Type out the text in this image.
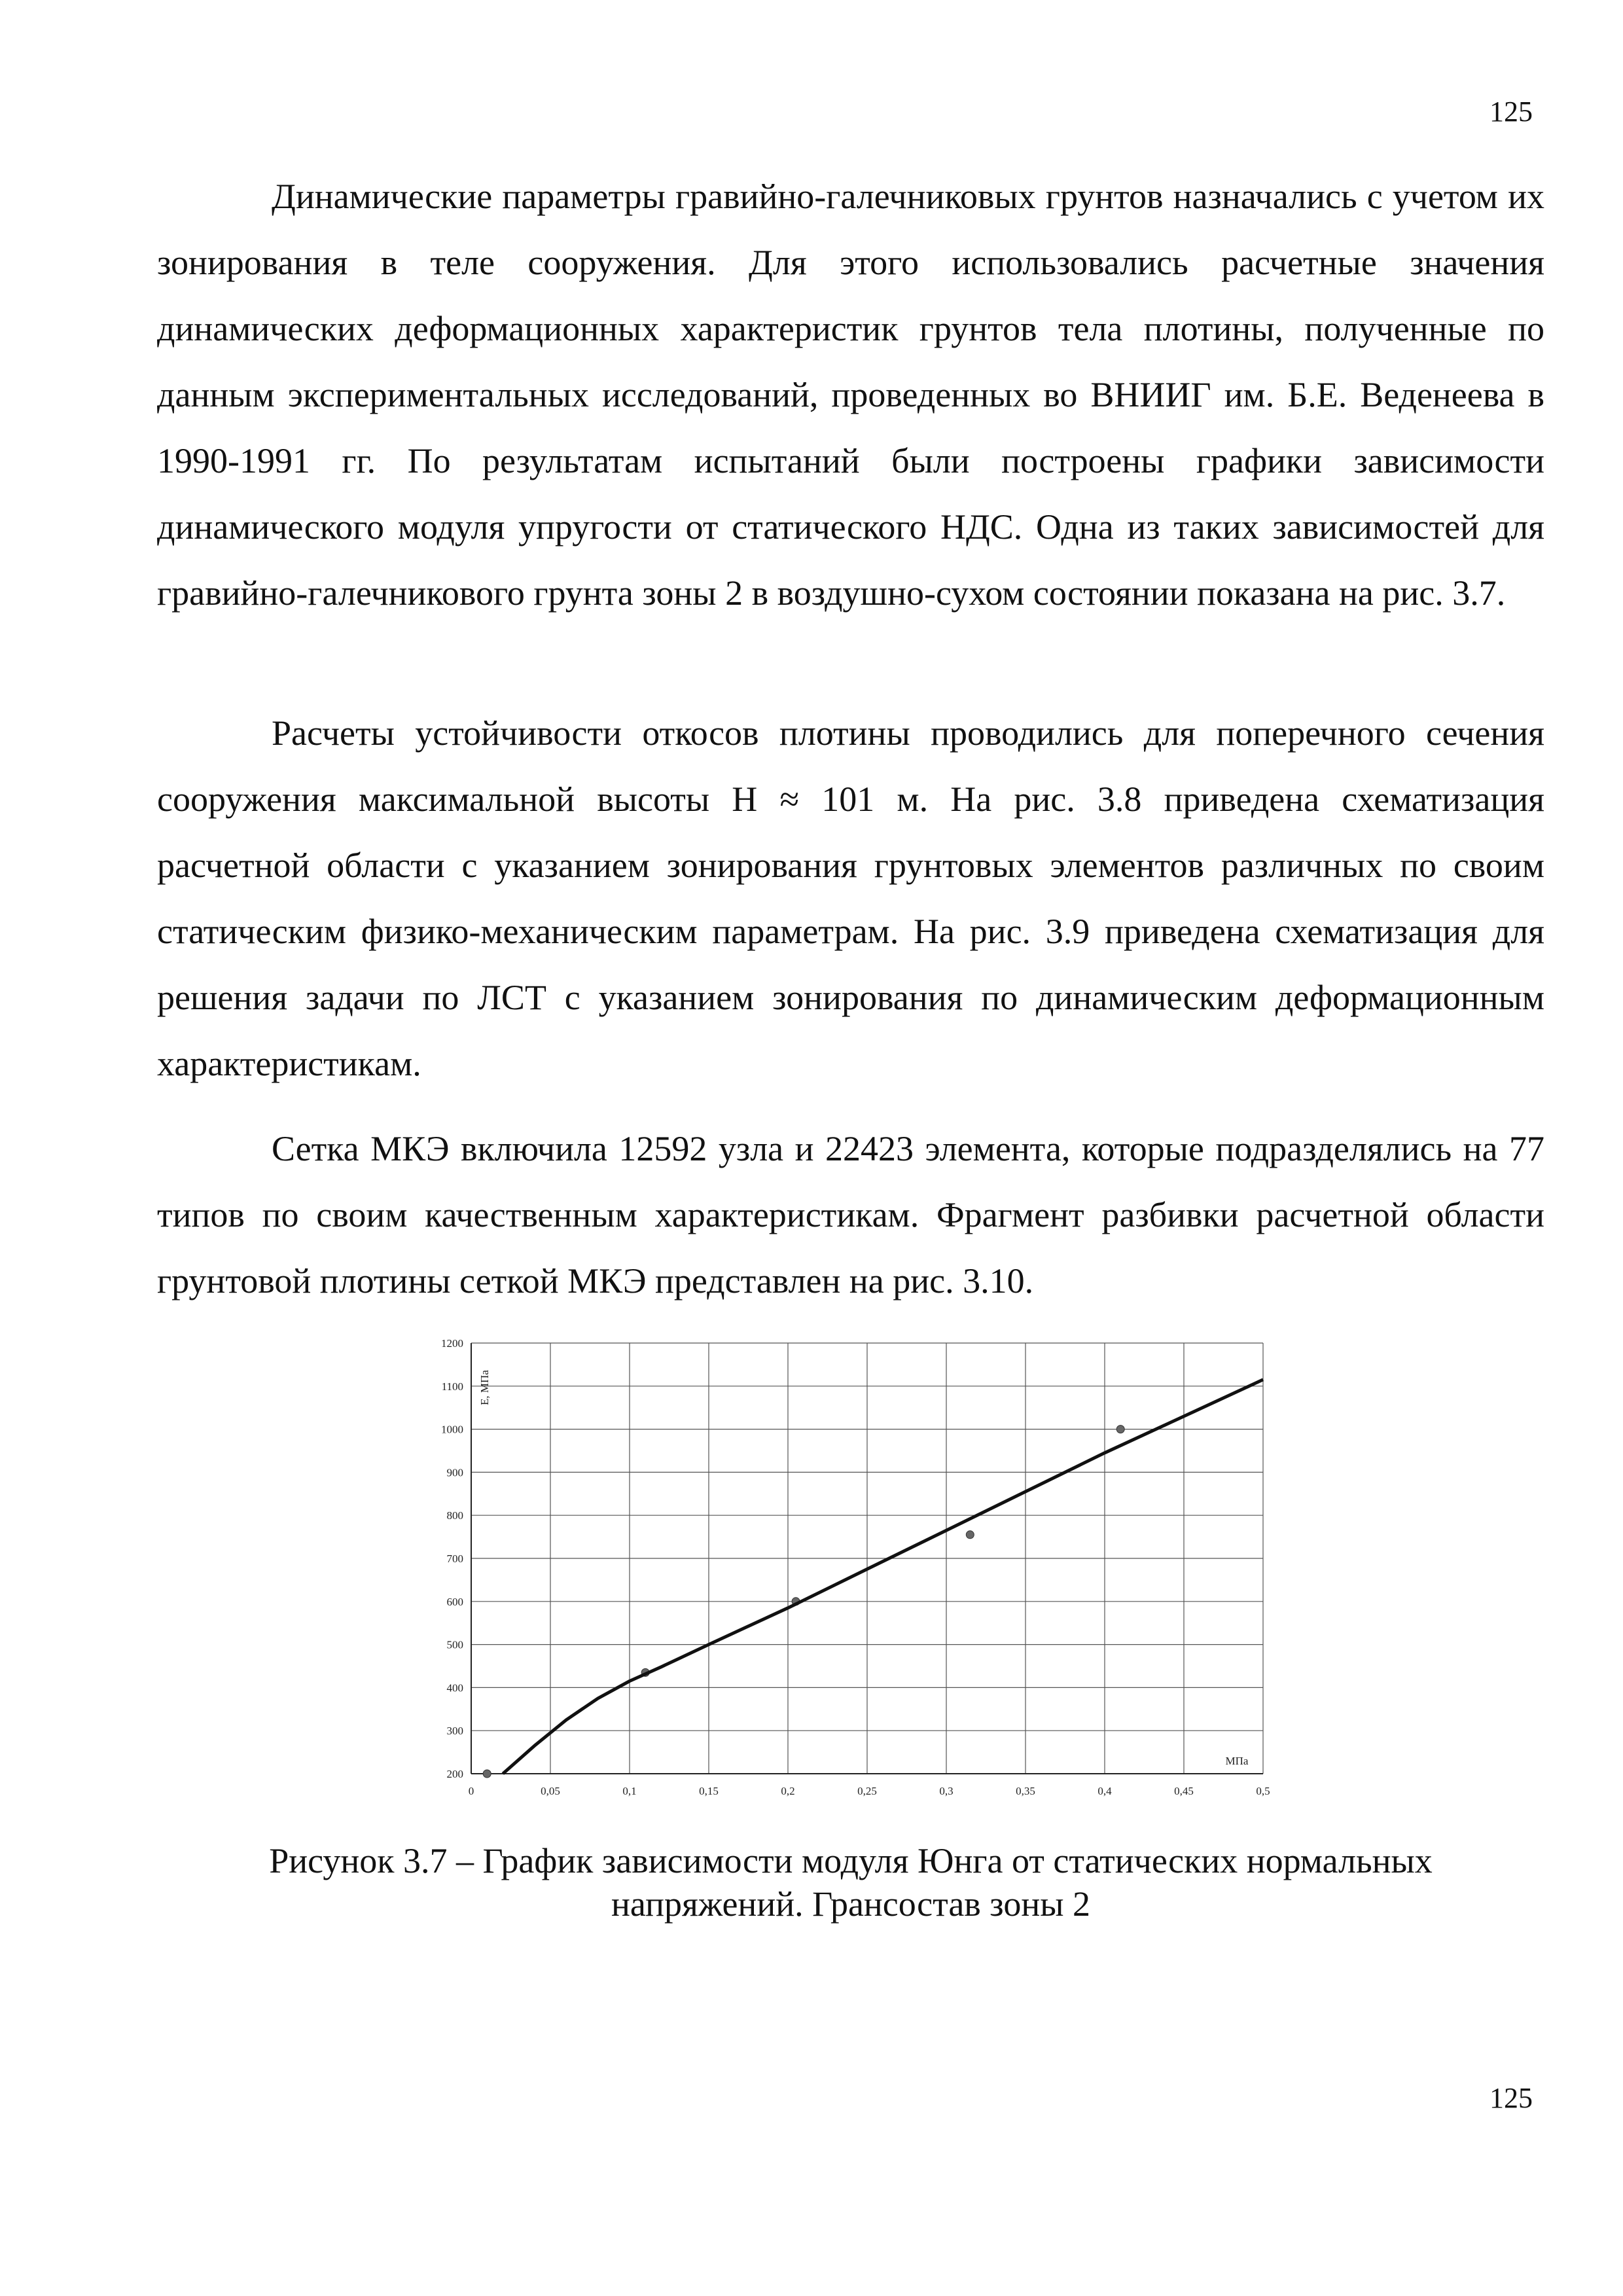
125

Динамические параметры гравийно-галечниковых грунтов назначались с учетом их зонирования в теле сооружения. Для этого использовались расчетные значения динамических деформационных характеристик грунтов тела плотины, полученные по данным экспериментальных исследований, проведенных во ВНИИГ им. Б.Е. Веденеева в 1990-1991 гг. По результатам испытаний были построены графики зависимости динамического модуля упругости от статического НДС. Одна из таких зависимостей для гравийно-галечникового грунта зоны 2 в воздушно-сухом состоянии показана на рис. 3.7.

Расчеты устойчивости откосов плотины проводились для поперечного сечения сооружения максимальной высоты H ≈ 101 м. На рис. 3.8 приведена схематизация расчетной области с указанием зонирования грунтовых элементов различных по своим статическим физико-механическим параметрам. На рис. 3.9 приведена схематизация для решения задачи по ЛСТ с указанием зонирования по динамическим деформационным характеристикам.

Сетка МКЭ включила 12592 узла и 22423 элемента, которые подразделялись на 77 типов по своим качественным характеристикам. Фрагмент разбивки расчетной области грунтовой плотины сеткой МКЭ представлен на рис. 3.10.

0	0,05	0,1	0,15	0,2	0,25	0,3	0,35	0,4	0,45	0,5
200
300
400
500
600
700
800
900
1000
1100
1200
E, МПа
МПа
Рисунок 3.7 – График зависимости модуля Юнга от статических нормальных
напряжений. Грансостав зоны 2
125
